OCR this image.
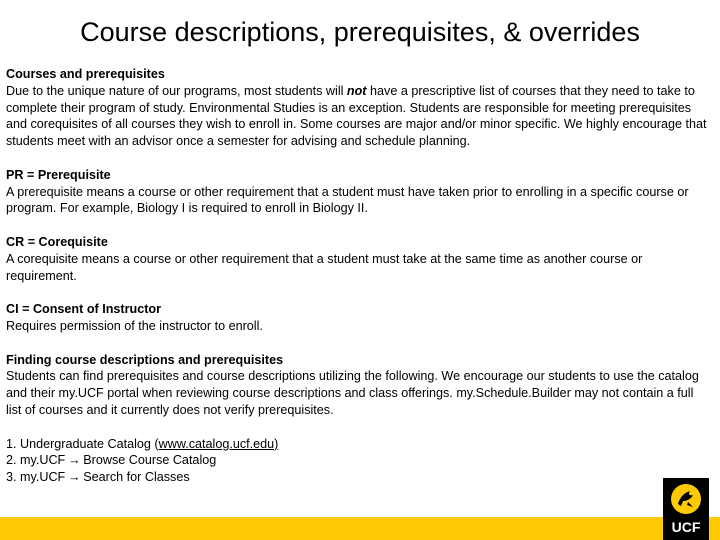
Course descriptions, prerequisites, & overrides
Courses and prerequisites
Due to the unique nature of our programs, most students will not have a prescriptive list of courses that they need to take to complete their program of study. Environmental Studies is an exception. Students are responsible for meeting prerequisites and corequisites of all courses they wish to enroll in. Some courses are major and/or minor specific. We highly encourage that students meet with an advisor once a semester for advising and schedule planning.
PR = Prerequisite
A prerequisite means a course or other requirement that a student must have taken prior to enrolling in a specific course or program. For example, Biology I is required to enroll in Biology II.
CR = Corequisite
A corequisite means a course or other requirement that a student must take at the same time as another course or requirement.
CI = Consent of Instructor
Requires permission of the instructor to enroll.
Finding course descriptions and prerequisites
Students can find prerequisites and course descriptions utilizing the following. We encourage our students to use the catalog and their my.UCF portal when reviewing course descriptions and class offerings. my.Schedule.Builder may not contain a full list of courses and it currently does not verify prerequisites.
1. Undergraduate Catalog (www.catalog.ucf.edu)
2. my.UCF → Browse Course Catalog
3. my.UCF → Search for Classes
UCF
